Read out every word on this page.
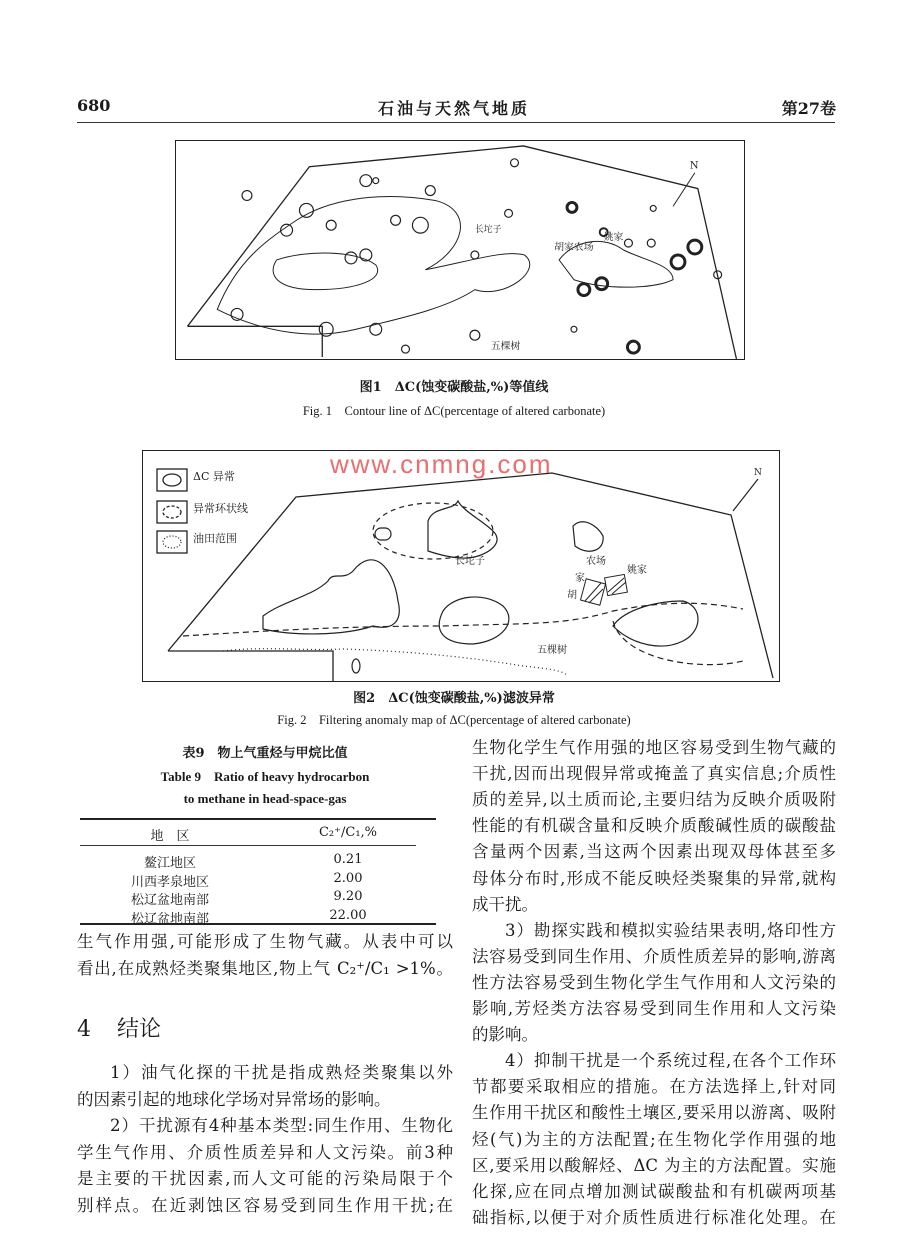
680	石油与天然气地质	第27卷
N
长坨子
五棵树
胡家农场
姚家
图1　ΔC(蚀变碳酸盐,%)等值线
Fig. 1　Contour line of ΔC(percentage of altered carbonate)
N
长坨子
五棵树
胡
家
农场
姚家
ΔC 异常
异常环状线
油田范围
图2　ΔC(蚀变碳酸盐,%)滤波异常
Fig. 2　Filtering anomaly map of ΔC(percentage of altered carbonate)
表9　物上气重烃与甲烷比值
Table 9　Ratio of heavy hydrocarbon
to methane in head-space-gas
地　区	C₂⁺/C₁,%
鳌江地区	0.21
川西孝泉地区	2.00
松辽盆地南部	9.20
松辽盆地南部	22.00
生气作用强,可能形成了生物气藏。从表中可以
看出,在成熟烃类聚集地区,物上气 C₂⁺/C₁ >1%。
4 结论
1）油气化探的干扰是指成熟烃类聚集以外
的因素引起的地球化学场对异常场的影响。
2）干扰源有4种基本类型:同生作用、生物化
学生气作用、介质性质差异和人文污染。前3种
是主要的干扰因素,而人文可能的污染局限于个
别样点。在近剥蚀区容易受到同生作用干扰;在
生物化学生气作用强的地区容易受到生物气藏的
干扰,因而出现假异常或掩盖了真实信息;介质性
质的差异,以土质而论,主要归结为反映介质吸附
性能的有机碳含量和反映介质酸碱性质的碳酸盐
含量两个因素,当这两个因素出现双母体甚至多
母体分布时,形成不能反映烃类聚集的异常,就构
成干扰。
3）勘探实践和模拟实验结果表明,烙印性方
法容易受到同生作用、介质性质差异的影响,游离
性方法容易受到生物化学生气作用和人文污染的
影响,芳烃类方法容易受到同生作用和人文污染
的影响。
4）抑制干扰是一个系统过程,在各个工作环
节都要采取相应的措施。在方法选择上,针对同
生作用干扰区和酸性土壤区,要采用以游离、吸附
烃(气)为主的方法配置;在生物化学作用强的地
区,要采用以酸解烃、ΔC 为主的方法配置。实施
化探,应在同点增加测试碳酸盐和有机碳两项基
础指标,以便于对介质性质进行标准化处理。在
www.cnmng.com
